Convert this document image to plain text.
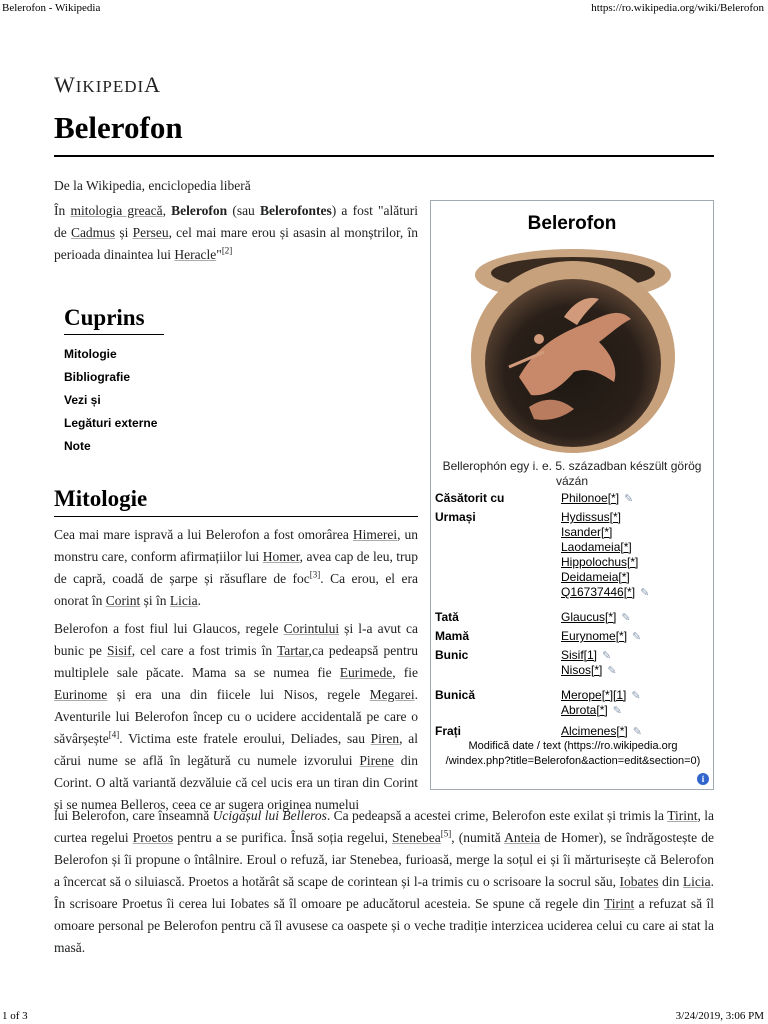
Belerofon - Wikipedia	https://ro.wikipedia.org/wiki/Belerofon
WIKIPEDIA
Belerofon
De la Wikipedia, enciclopedia liberă
În mitologia greacă, Belerofon (sau Belerofontes) a fost "alături de Cadmus și Perseu, cel mai mare erou și asasin al monștrilor, în perioada dinaintea lui Heracle"[2]
Cuprins
Mitologie
Bibliografie
Vezi și
Legături externe
Note
Mitologie
Cea mai mare ispravă a lui Belerofon a fost omorârea Himerei, un monstru care, conform afirmațiilor lui Homer, avea cap de leu, trup de capră, coadă de șarpe și răsuflare de foc[3]. Ca erou, el era onorat în Corint și în Licia.
Belerofon a fost fiul lui Glaucos, regele Corintului și l-a avut ca bunic pe Sisif, cel care a fost trimis în Tartar,ca pedeapsă pentru multiplele sale păcate. Mama sa se numea fie Eurimede, fie Eurinome și era una din fiicele lui Nisos, regele Megarei. Aventurile lui Belerofon încep cu o ucidere accidentală pe care o săvârșește[4]. Victima este fratele eroului, Deliades, sau Piren, al cărui nume se află în legătură cu numele izvorului Pirene din Corint. O altă variantă dezvăluie că cel ucis era un tiran din Corint și se numea Belleros, ceea ce ar sugera originea numelui
lui Belerofon, care înseamnă Ucigașul lui Belleros. Ca pedeapsă a acestei crime, Belerofon este exilat și trimis la Tirint, la curtea regelui Proetos pentru a se purifica. Însă soția regelui, Stenebea[5], (numită Anteia de Homer), se îndrăgostește de Belerofon și îi propune o întâlnire. Eroul o refuză, iar Stenebea, furioasă, merge la soțul ei și îi mărturisește că Belerofon a încercat să o siluiască. Proetos a hotărât să scape de corintean și l-a trimis cu o scrisoare la socrul său, Iobates din Licia. În scrisoare Proetus îi cerea lui Iobates să îl omoare pe aducătorul acesteia. Se spune că regele din Tirint a refuzat să îl omoare personal pe Belerofon pentru că îl avusese ca oaspete și o veche tradiție interzicea uciderea celui cu care ai stat la masă.
Belerofon
Bellerophón egy i. e. 5. században készült görög vázán
Căsătorit cu	Philonoe[*] ✎
Urmași	Hydissus[*]
Isander[*]
Laodameia[*]
Hippolochus[*]
Deidameia[*]
Q16737446[*] ✎
Tată	Glaucus[*] ✎
Mamă	Eurynome[*] ✎
Bunic	Sisif[1] ✎
Nisos[*] ✎
Bunică	Merope[*][1] ✎
Abrota[*] ✎
Frați	Alcimenes[*] ✎
Modifică date / text (https://ro.wikipedia.org /windex.php?title=Belerofon&action=edit&section=0)
i
1 of 3	3/24/2019, 3:06 PM
